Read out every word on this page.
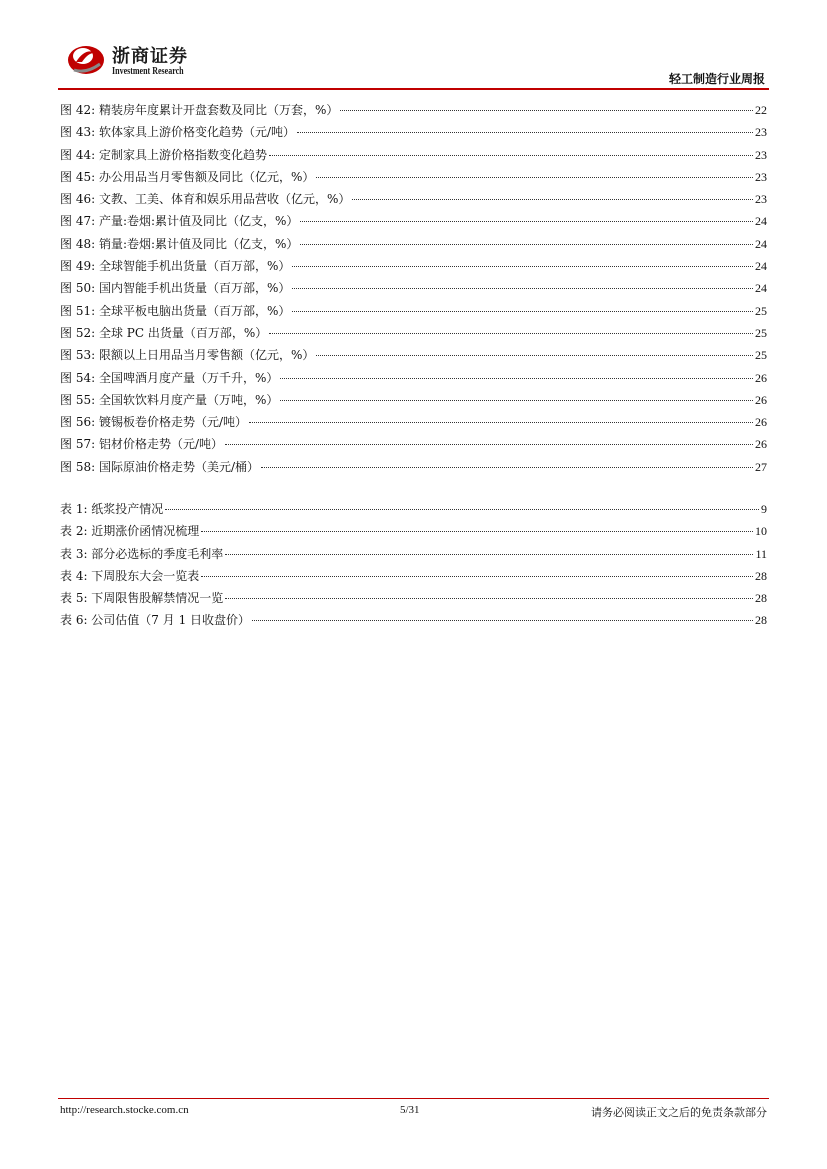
浙商证券
Investment Research
轻工制造行业周报
图 42: 精装房年度累计开盘套数及同比（万套，%）	22
图 43: 软体家具上游价格变化趋势（元/吨）	23
图 44: 定制家具上游价格指数变化趋势	23
图 45: 办公用品当月零售额及同比（亿元，%）	23
图 46: 文教、工美、体育和娱乐用品营收（亿元，%）	23
图 47: 产量:卷烟:累计值及同比（亿支，%）	24
图 48: 销量:卷烟:累计值及同比（亿支，%）	24
图 49: 全球智能手机出货量（百万部，%）	24
图 50: 国内智能手机出货量（百万部，%）	24
图 51: 全球平板电脑出货量（百万部，%）	25
图 52: 全球 PC 出货量（百万部，%）	25
图 53: 限额以上日用品当月零售额（亿元，%）	25
图 54: 全国啤酒月度产量（万千升，%）	26
图 55: 全国软饮料月度产量（万吨，%）	26
图 56: 镀锡板卷价格走势（元/吨）	26
图 57: 铝材价格走势（元/吨）	26
图 58: 国际原油价格走势（美元/桶）	27
表 1: 纸浆投产情况	9
表 2: 近期涨价函情况梳理	10
表 3: 部分必选标的季度毛利率	11
表 4: 下周股东大会一览表	28
表 5: 下周限售股解禁情况一览	28
表 6: 公司估值（7 月 1 日收盘价）	28
http://research.stocke.com.cn	5/31	请务必阅读正文之后的免责条款部分
